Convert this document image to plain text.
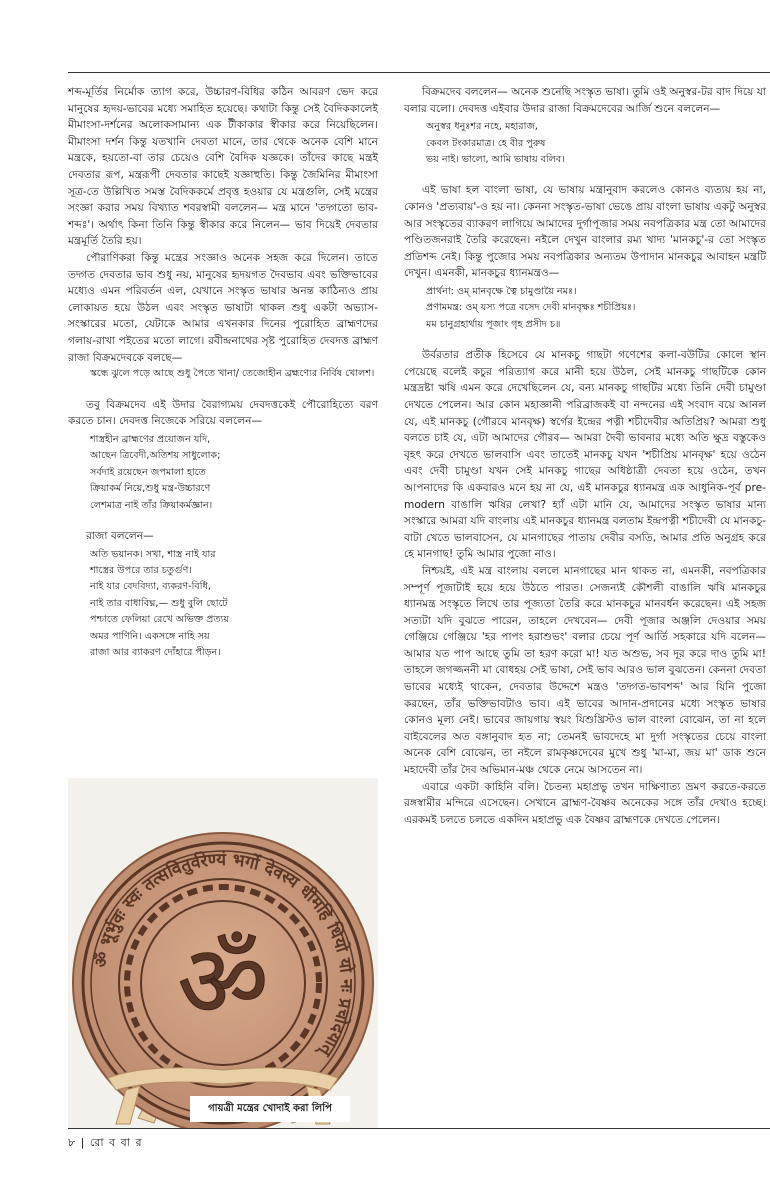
শব্দ-মূর্তির নির্মোক ত্যাগ করে, উচ্চারণ-বিধির কঠিন আবরণ ভেদ করে মানুষের হৃদয়-ভাবের মধ্যে সমাহিত হয়েছে। কথাটা কিন্তু সেই বৈদিককালেই মীমাংসা-দর্শনের অলোকসামান্য এক টীকাকার স্বীকার করে নিয়েছিলেন। মীমাংসা দর্শন কিন্তু যতখানি দেবতা মানে, তার থেকে অনেক বেশি মানে মন্ত্রকে, হয়তো-বা তার চেয়েও বেশি বৈদিক যজ্ঞকে। তাঁদের কাছে মন্ত্রই দেবতার রূপ, মন্ত্ররূপী দেবতার কাছেই যজ্ঞাহুতি। কিন্তু জৈমিনির মীমাংসা সূত্র-তে উল্লিখিত সমস্ত বৈদিককর্মে প্রবৃত্ত হওয়ার যে মন্ত্রগুলি, সেই মন্ত্রের সংজ্ঞা করার সময় বিখ্যাত শবরস্বামী বললেন— মন্ত্র মানে 'তদ্গতো ভাব-শব্দঃ'। অর্থাৎ কিনা তিনি কিন্তু স্বীকার করে নিলেন— ভাব দিয়েই দেবতার মন্ত্রমূর্তি তৈরি হয়।

পৌরাণিকরা কিন্তু মন্ত্রের সংজ্ঞাও অনেক সহজ করে দিলেন। তাতে তদ্গত দেবতার ভাব শুধু নয়, মানুষের হৃদয়গত দৈবভাব এবং ভক্তিভাবের মধ্যেও এমন পরিবর্তন এল, যেখানে সংস্কৃত ভাষার অনন্ত কাঠিন্যও প্রায় লোকায়ত হয়ে উঠল এবং সংস্কৃত ভাষাটা থাকল শুধু একটা অভ্যাস-সংস্কারের মতো, যেটাকে আমার এখনকার দিনের পুরোহিত ব্রাহ্মণদের গলায়-রাখা পইতের মতো লাগে। রবীন্দ্রনাথের সৃষ্ট পুরোহিত দেবদত্ত ব্রাহ্মণ রাজা বিক্রমদেবকে বলছে—

স্কন্ধে ঝুলে পড়ে আছে শুধু পৈতে খানা/ তেজোহীন ব্রহ্মণ্যের নির্বিষ খোলশ।

তবু বিক্রমদেব এই উদার বৈরাগ্যময় দেবদত্তকেই পৌরোহিত্যে বরণ করতে চান। দেবদত্ত নিজেকে সরিয়ে বললেন—

শাস্ত্রহীন ব্রাহ্মণের প্রয়োজন যদি,
আছেন ত্রিবেদী,অতিশয় সাধুলোক;
সর্বদাই রয়েছেন জপমালা হাতে
ক্রিয়াকর্ম নিয়ে,শুধু মন্ত্র-উচ্চারণে
লেশমাত্র নাই তাঁর ক্রিয়াকর্মজ্ঞান।

রাজা বললেন—

অতি ভয়ানক। সখা, শাস্ত্র নাই যার
শাস্ত্রের উপরে তার চতুর্গুণ।
নাই যার বেদবিদ্যা, ব্যকরণ-বিধি,
নাই তার বাধাবিঘ্ন,— শুধু বুলি ছোটে
পশ্চাতে ফেলিয়া রেখে অভিক্ত প্রত্যয়
অমর পাণিনি। একসঙ্গে নাহি সয়
রাজা আর ব্যাকরণ দোঁহারে পীড়ন।

বিক্রমদেব বললেন— অনেক শুনেছি সংস্কৃত ভাষা। তুমি ওই অনুস্বর-টর বাদ দিয়ে যা বলার বলো। দেবদত্ত এইবার উদার রাজা বিক্রমদেবের আর্জি শুনে বললেন—

অনুস্বর ধনুঃশর নহে, মহারাজ,
কেবল টংকারমাত্র। হে বীর পুরুষ
ভয় নাই। ভালো, আমি ভাষায় বলিব।

এই ভাষা হল বাংলা ভাষা, যে ভাষায় মন্ত্রানুবাদ করলেও কোনও ব্যত্যয় হয় না, কোনও 'প্রত্যবায়'-ও হয় না। কেননা সংস্কৃত-ভাষা ভেঙে প্রায় বাংলা ভাষায় একটু অনুস্বর আর সংস্কৃতের ব্যাকরণ লাগিয়ে আমাদের দুর্গাপূজার সময় নবপত্রিকার মন্ত্র তো আমাদের পণ্ডিতজনরাই তৈরি করেছেন। নইলে দেখুন বাংলার রম্য খাদ্য 'মানকচু'-র তো সংস্কৃত প্রতিশব্দ নেই। কিন্তু পুজোর সময় নবপত্রিকার অন্যতম উপাদান মানকচুর আবাহন মন্ত্রটি দেখুন। এমনকী, মানকচুর ধ্যানমন্ত্রও—

প্রার্থনা: ওম্ মানবৃক্ষে ত্বৈ চামুণ্ডায়ৈ নমঃ।
প্রণামমন্ত্র: ওম্ যস্য পত্রে বসেদ দেবী মানবৃক্ষঃ শচীপ্রিয়ঃ।
মম চানুগ্রহার্থায় পূজাং গৃহ প্রসীদ চ॥

উর্বরতার প্রতীক হিসেবে যে মানকচু গাছটা গণেশের কলা-বউটির কোলে স্থান পেয়েছে বলেই কচুর পরিত্যাগ করে মানী হয়ে উঠল, সেই মানকচু গাছটিকে কোন মন্ত্রদ্রষ্টা ঋষি এমন করে দেখেছিলেন যে, বন্য মানকচু গাছটির মধ্যে তিনি দেবী চামুণ্ডা দেখতে পেলেন। আর কোন মহাজ্ঞানী পরিব্রাজকই বা নন্দনের এই সংবাদ বয়ে আনল যে, এই মানকচু (গৌরবে মানবৃক্ষ) স্বর্গের ইন্দ্রের পত্নী শচীদেবীর অতিপ্রিয়? আমরা শুধু বলতে চাই যে, এটা আমাদের গৌরব— আমরা দৈবী ভাবনার মধ্যে অতি ক্ষুদ্র বস্তুকেও বৃহৎ করে দেখতে ভালবাসি এবং তাতেই মানকচু যখন 'শচীপ্রিয় মানবৃক্ষ' হয়ে ওঠেন এবং দেবী চামুণ্ডা যখন সেই মানকচু গাছের অধিষ্ঠাত্রী দেবতা হয়ে ওঠেন, তখন আপনাদের কি একবারও মনে হয় না যে, এই মানকচুর ধ্যানমন্ত্র এক আধুনিক-পূর্ব pre-modern বাঙালি ঋষির লেখা? হ্যাঁ এটা মানি যে, আমাদের সংস্কৃত ভাষার মান্য সংস্কারে আমরা যদি বাংলায় এই মানকচুর ধ্যানমন্ত্র বলতাম ইন্দ্রপত্নী শচীদেবী যে মানকচু-বাটা খেতে ভালবাসেন, যে মানগাছের পাতায় দেবীর বসতি, আমার প্রতি অনুগ্রহ করে হে মানগাছ! তুমি আমার পুজো নাও।

নিশ্চয়ই, এই মন্ত্র বাংলায় বললে মানগাছের মান থাকত না, এমনকী, নবপত্রিকার সম্পূর্ণ পূজাটাই হয়ে হয়ে উঠতে পারত। সেজন্যই কৌশলী বাঙালি ঋষি মানকচুর ধ্যানমন্ত্র সংস্কৃতে লিখে তার পূজ্যতা তৈরি করে মানকচুর মানবর্ধন করেছেন। এই সহজ সত্যটা যদি বুঝতে পারেন, তাহলে দেখবেন— দেবী পূজার অঞ্জলি দেওয়ার সময় গেঞ্জিয়ে গেঞ্জিয়ে 'হর পাপং হরাশুভং' বলার চেয়ে পূর্ণ আর্তি সহকারে যদি বলেন— আমার যত পাপ আছে তুমি তা হরণ করো মা! যত অশুভ, সব দূর করে দাও তুমি মা! তাহলে জগজ্জননী মা বোধহয় সেই ভাষা, সেই ভাব আরও ভাল বুঝতেন। কেননা দেবতা ভাবের মধ্যেই থাকেন, দেবতার উদ্দেশে মন্ত্রও 'তদ্গত-ভাবশব্দ' আর যিনি পুজো করছেন, তাঁর ভক্তিভাবটাও ভাব। এই ভাবের আদান-প্রদানের মধ্যে সংস্কৃত ভাষার কোনও মূল্য নেই। ভাবের জায়গায় স্বয়ং যিশুখ্রিস্টও ভাল বাংলা বোঝেন, তা না হলে বাইবেলের অত বঙ্গানুবাদ হত না; তেমনই ভাবদেহে মা দুর্গা সংস্কৃতের চেয়ে বাংলা অনেক বেশি বোঝেন, তা নইলে রামকৃষ্ণদেবের মুখে শুধু 'মা-মা, জয় মা' ডাক শুনে মহাদেবী তাঁর দৈব অভিমান-মঞ্চ থেকে নেমে আসতেন না।

এবারে একটা কাহিনি বলি। চৈতন্য মহাপ্রভু তখন দাক্ষিণাত্য ভ্রমণ করতে-করতে রঙ্গস্বামীর মন্দিরে এসেছেন। সেখানে ব্রাহ্মণ-বৈষ্ণব অনেকের সঙ্গে তাঁর দেখাও হচ্ছে। এরকমই চলতে চলতে একদিন মহাপ্রভু এক বৈষ্ণব ব্রাহ্মণকে দেখতে পেলেন।

ॐ भूर्भुवः स्वः तत्सवितुर्वरेण्यं भर्गो देवस्य धीमहि धियो यो नः प्रचोदयात्
ॐ
গায়ত্রী মন্ত্রের খোদাই করা লিপি
৮ | রো ব বা র
